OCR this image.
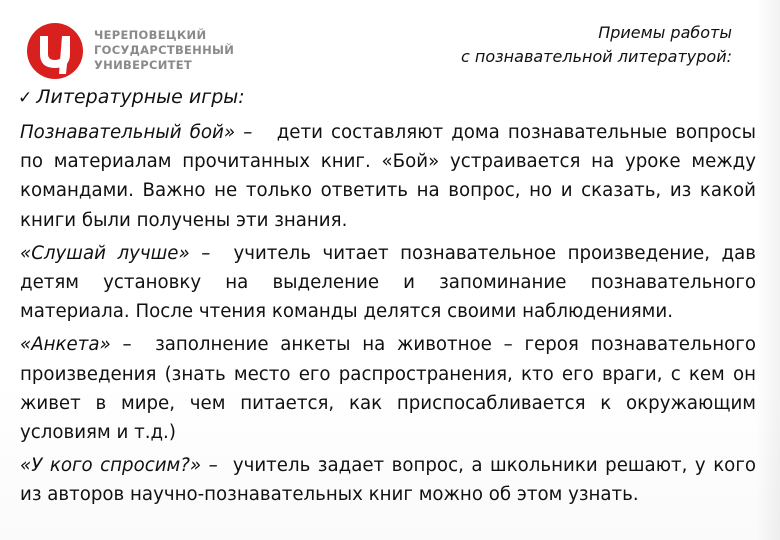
ЧЕРЕПОВЕЦКИЙ
ГОСУДАРСТВЕННЫЙ
УНИВЕРСИТЕТ
Приемы работы
с познавательной литературой:
✓ Литературные игры:

Познавательный бой» – дети составляют дома познавательные вопросы по материалам прочитанных книг. «Бой» устраивается на уроке между командами. Важно не только ответить на вопрос, но и сказать, из какой книги были получены эти знания.

«Слушай лучше» – учитель читает познавательное произведение, дав детям установку на выделение и запоминание познавательного материала. После чтения команды делятся своими наблюдениями.

«Анкета» – заполнение анкеты на животное – героя познавательного произведения (знать место его распространения, кто его враги, с кем он живет в мире, чем питается, как приспосабливается к окружающим условиям и т.д.)

«У кого спросим?» – учитель задает вопрос, а школьники решают, у кого из авторов научно-познавательных книг можно об этом узнать.
